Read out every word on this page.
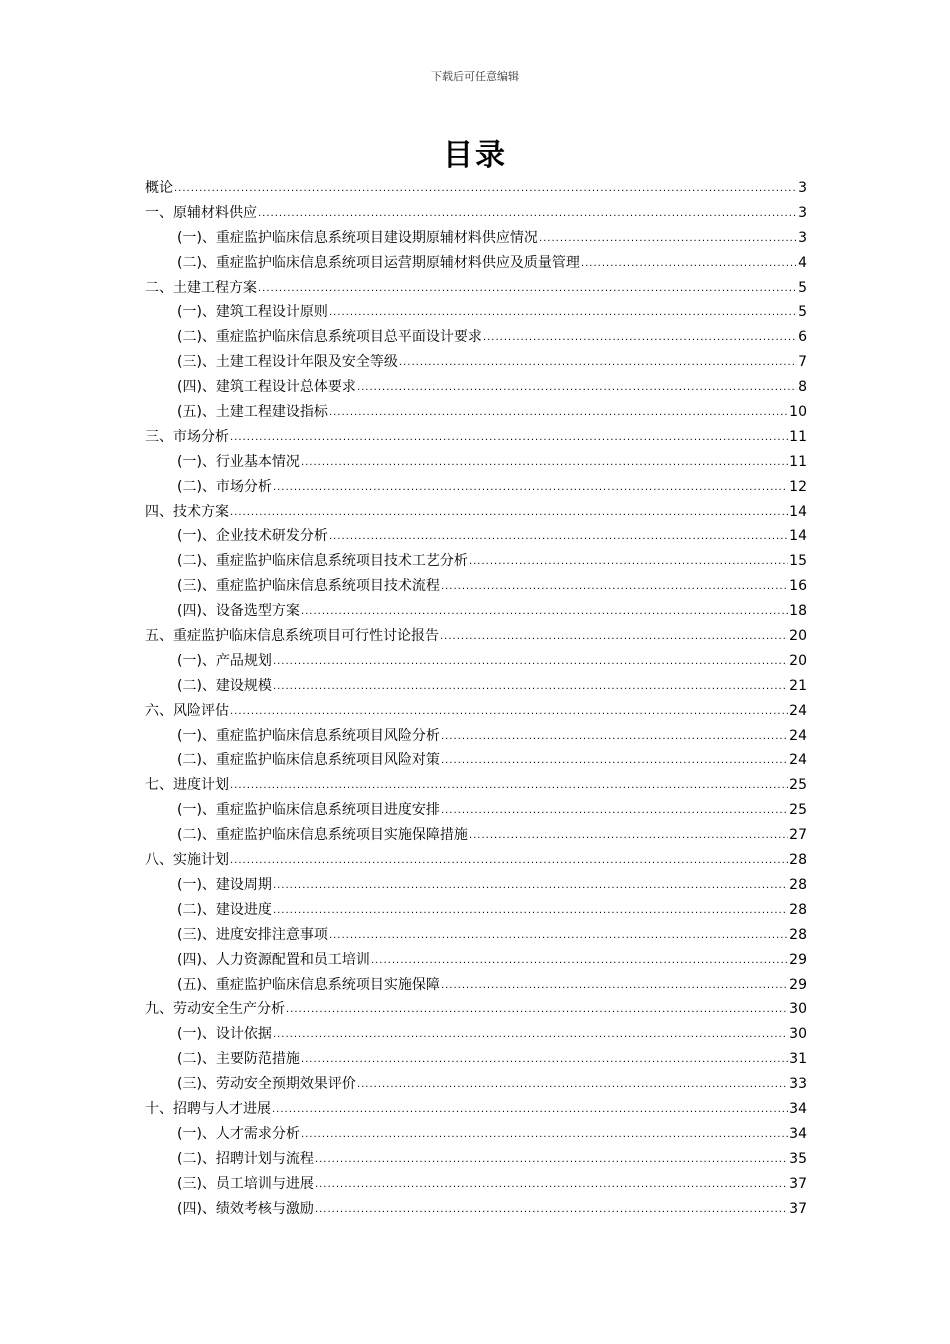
下载后可任意编辑
目录
概论 .....	3
一、原辅材料供应 .....	3
(一)、重症监护临床信息系统项目建设期原辅材料供应情况 .....	3
(二)、重症监护临床信息系统项目运营期原辅材料供应及质量管理 .....	4
二、土建工程方案 .....	5
(一)、建筑工程设计原则 .....	5
(二)、重症监护临床信息系统项目总平面设计要求 .....	6
(三)、土建工程设计年限及安全等级 .....	7
(四)、建筑工程设计总体要求 .....	8
(五)、土建工程建设指标 .....	10
三、市场分析 .....	11
(一)、行业基本情况 .....	11
(二)、市场分析 .....	12
四、技术方案 .....	14
(一)、企业技术研发分析 .....	14
(二)、重症监护临床信息系统项目技术工艺分析 .....	15
(三)、重症监护临床信息系统项目技术流程 .....	16
(四)、设备选型方案 .....	18
五、重症监护临床信息系统项目可行性讨论报告 .....	20
(一)、产品规划 .....	20
(二)、建设规模 .....	21
六、风险评估 .....	24
(一)、重症监护临床信息系统项目风险分析 .....	24
(二)、重症监护临床信息系统项目风险对策 .....	24
七、进度计划 .....	25
(一)、重症监护临床信息系统项目进度安排 .....	25
(二)、重症监护临床信息系统项目实施保障措施 .....	27
八、实施计划 .....	28
(一)、建设周期 .....	28
(二)、建设进度 .....	28
(三)、进度安排注意事项 .....	28
(四)、人力资源配置和员工培训 .....	29
(五)、重症监护临床信息系统项目实施保障 .....	29
九、劳动安全生产分析 .....	30
(一)、设计依据 .....	30
(二)、主要防范措施 .....	31
(三)、劳动安全预期效果评价 .....	33
十、招聘与人才进展 .....	34
(一)、人才需求分析 .....	34
(二)、招聘计划与流程 .....	35
(三)、员工培训与进展 .....	37
(四)、绩效考核与激励 .....	37
